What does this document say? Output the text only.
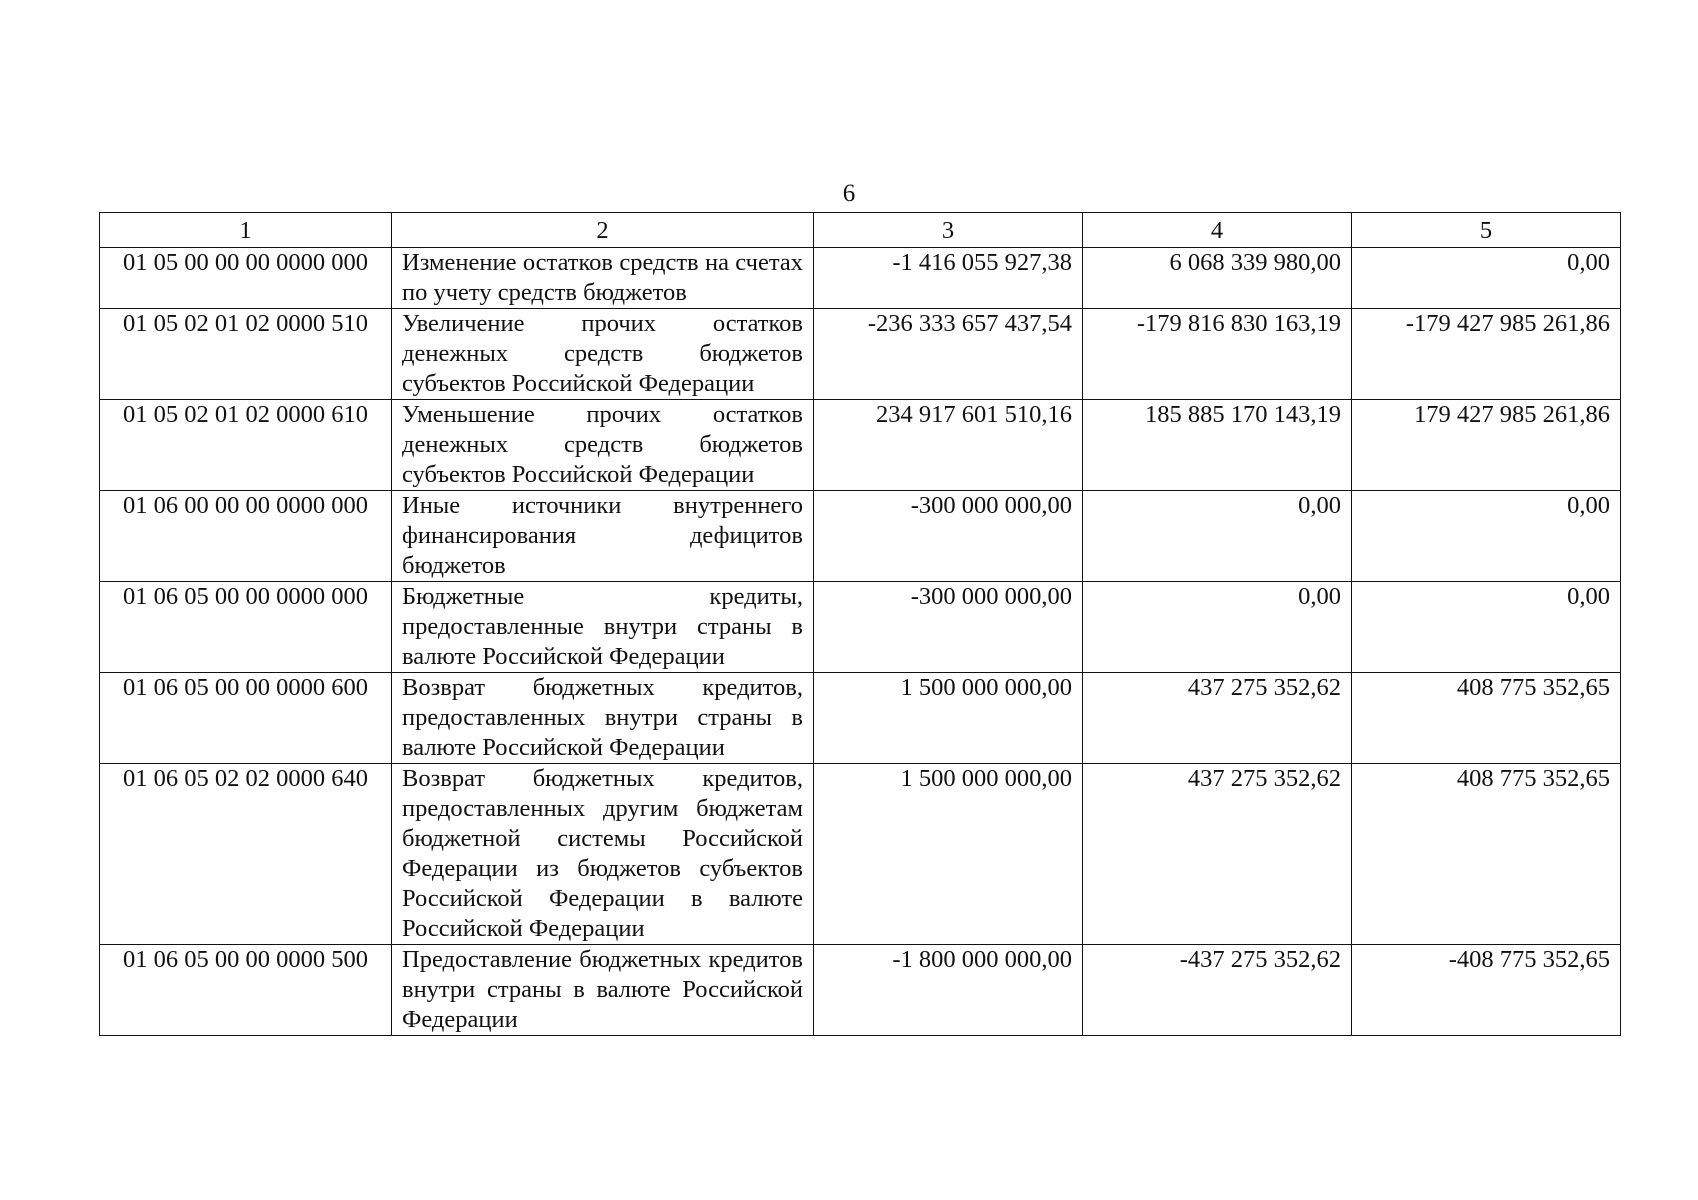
6
1	2	3	4	5
01 05 00 00 00 0000 000	Изменение остатков средств на счетах по учету средств бюджетов	-1 416 055 927,38	6 068 339 980,00	0,00
01 05 02 01 02 0000 510	Увеличение прочих остатков денежных средств бюджетов субъектов Российской Федерации	-236 333 657 437,54	-179 816 830 163,19	-179 427 985 261,86
01 05 02 01 02 0000 610	Уменьшение прочих остатков денежных средств бюджетов субъектов Российской Федерации	234 917 601 510,16	185 885 170 143,19	179 427 985 261,86
01 06 00 00 00 0000 000	Иные источники внутреннего финансирования дефицитов бюджетов	-300 000 000,00	0,00	0,00
01 06 05 00 00 0000 000	Бюджетные кредиты, предоставленные внутри страны в валюте Российской Федерации	-300 000 000,00	0,00	0,00
01 06 05 00 00 0000 600	Возврат бюджетных кредитов, предоставленных внутри страны в валюте Российской Федерации	1 500 000 000,00	437 275 352,62	408 775 352,65
01 06 05 02 02 0000 640	Возврат бюджетных кредитов, предоставленных другим бюджетам бюджетной системы Российской Федерации из бюджетов субъектов Российской Федерации в валюте Российской Федерации	1 500 000 000,00	437 275 352,62	408 775 352,65
01 06 05 00 00 0000 500	Предоставление бюджетных кредитов внутри страны в валюте Российской Федерации	-1 800 000 000,00	-437 275 352,62	-408 775 352,65
